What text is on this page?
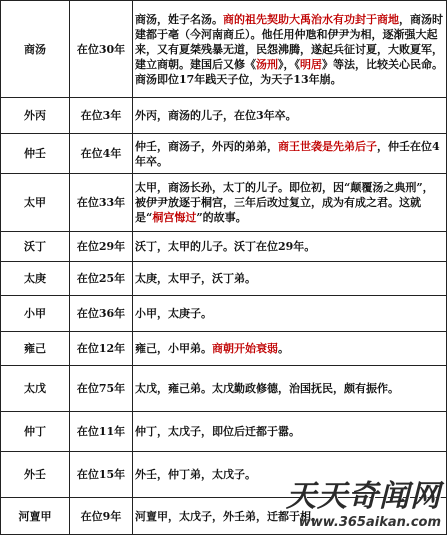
商汤	在位30年	商汤，姓子名汤。商的祖先契助大禹治水有功封于商地，商汤时建都于亳（今河南商丘）。他任用仲虺和伊尹为相，逐渐强大起来，又有夏桀残暴无道，民怨沸腾，遂起兵征讨夏，大败夏军，建立商朝。建国后又修《汤刑》，《明居》等法，比较关心民命。商汤即位17年践天子位，为天子13年崩。
外丙	在位3年	外丙，商汤的儿子，在位3年卒。
仲壬	在位4年	仲壬，商汤子，外丙的弟弟，商王世袭是先弟后子，仲壬在位4年卒。
太甲	在位33年	太甲，商汤长孙，太丁的儿子。即位初，因“颠覆汤之典刑”，被伊尹放逐于桐宫，三年后改过复立，成为有成之君。这就是“桐宫悔过”的故事。
沃丁	在位29年	沃丁，太甲的儿子。沃丁在位29年。
太庚	在位25年	太庚，太甲子，沃丁弟。
小甲	在位36年	小甲，太庚子。
雍己	在位12年	雍己，小甲弟。商朝开始衰弱。
太戊	在位75年	太戊，雍己弟。太戊勤政修德，治国抚民，颇有振作。
仲丁	在位11年	仲丁，太戊子，即位后迁都于嚣。
外壬	在位15年	外壬，仲丁弟，太戊子。
河亶甲	在位9年	河亶甲，太戊子，外壬弟，迁都于相。
天天奇闻网
www.365aikan.com
